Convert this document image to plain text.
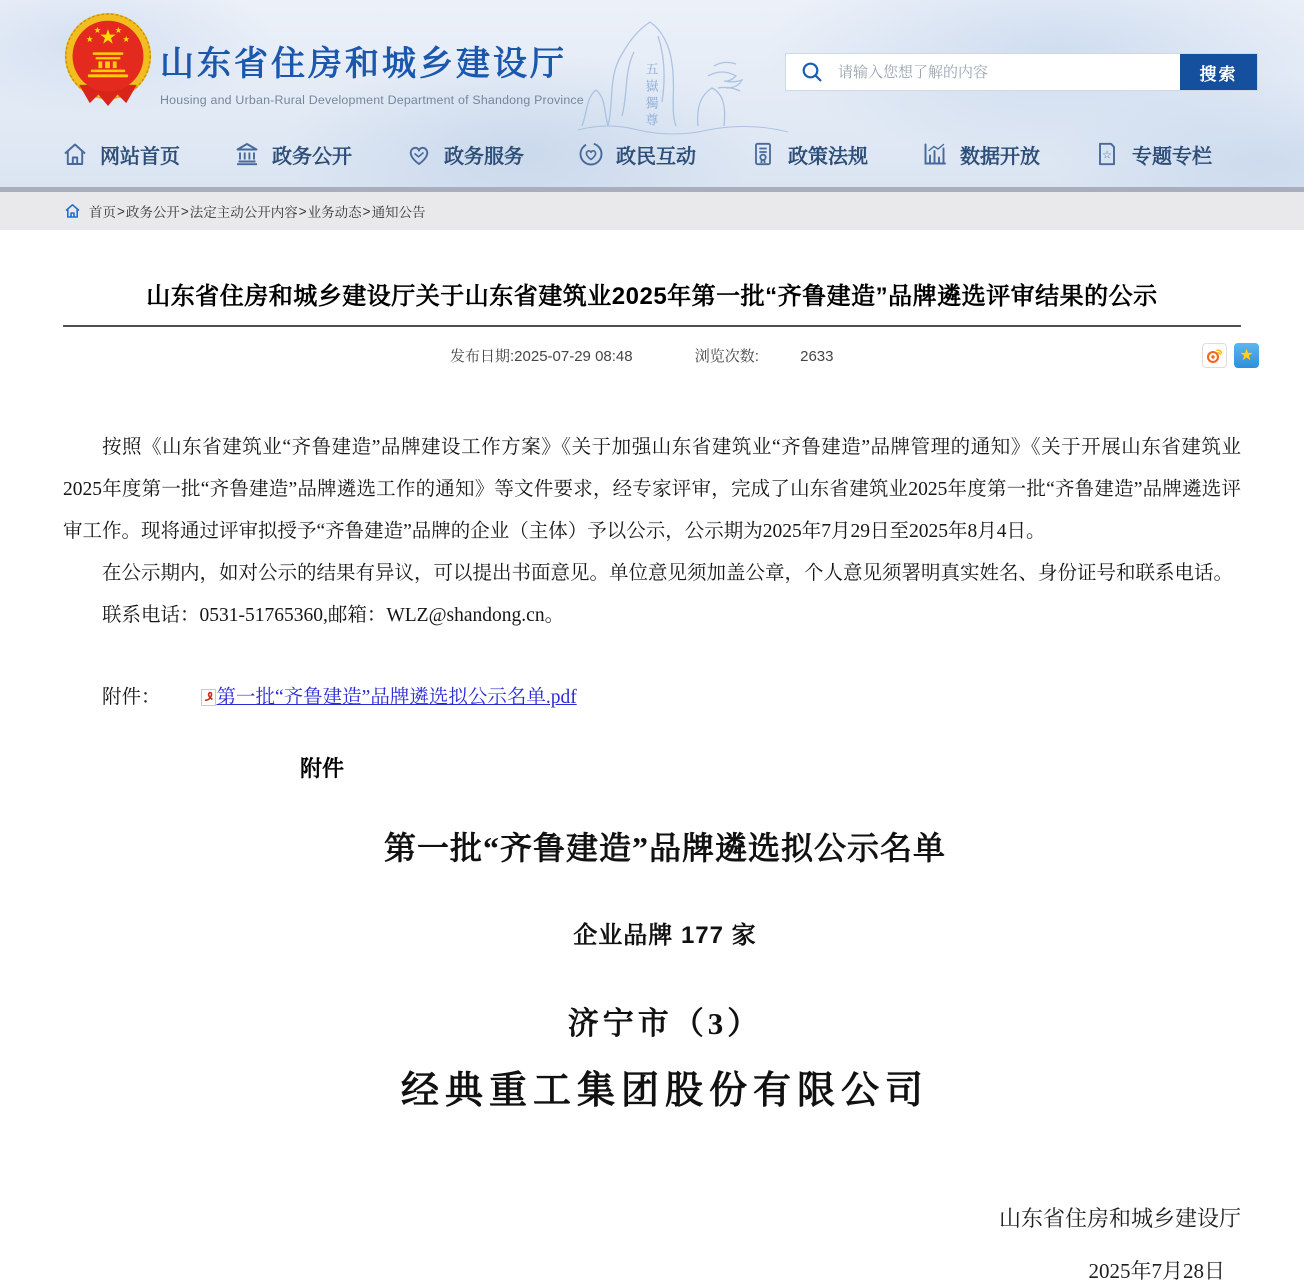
★
★
★ ★
★
山东省住房和城乡建设厅
Housing and Urban-Rural Development Department of Shandong Province	五嶽獨尊
请输入您想了解的内容	搜索
网站首页	政务公开	政务服务	政民互动	政策法规	数据开放	☆ 专题专栏
首页 > 政务公开 > 法定主动公开内容 > 业务动态 > 通知公告
山东省住房和城乡建设厅关于山东省建筑业2025年第一批“齐鲁建造”品牌遴选评审结果的公示
发布日期:2025-07-29 08:48	浏览次数:	2633	★

按照《山东省建筑业“齐鲁建造”品牌建设工作方案》《关于加强山东省建筑业“齐鲁建造”品牌管理的通知》《关于开展山东省建筑业2025年度第一批“齐鲁建造”品牌遴选工作的通知》等文件要求，经专家评审，完成了山东省建筑业2025年度第一批“齐鲁建造”品牌遴选评审工作。现将通过评审拟授予“齐鲁建造”品牌的企业（主体）予以公示，公示期为2025年7月29日至2025年8月4日。

在公示期内，如对公示的结果有异议，可以提出书面意见。单位意见须加盖公章，个人意见须署明真实姓名、身份证号和联系电话。

联系电话：0531-51765360,邮箱：WLZ@shandong.cn。

附件：	第一批“齐鲁建造”品牌遴选拟公示名单.pdf
附件
第一批“齐鲁建造”品牌遴选拟公示名单
企业品牌 177 家
济宁市（3）
经典重工集团股份有限公司
山东省住房和城乡建设厅
2025年7月28日
